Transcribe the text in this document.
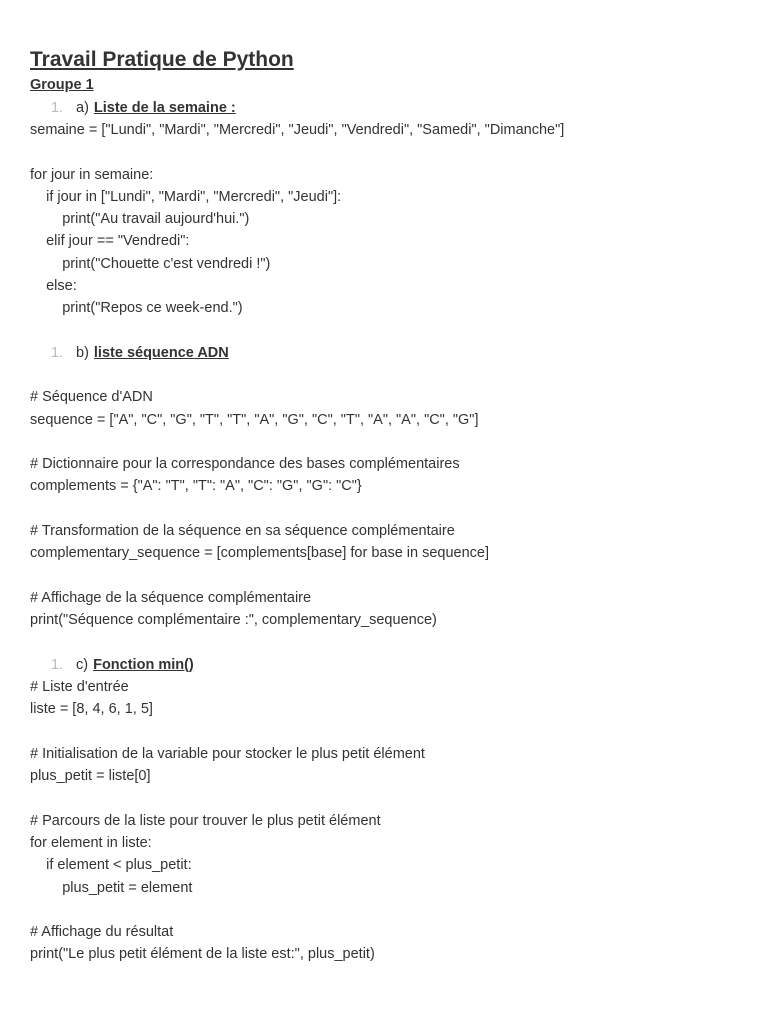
Travail Pratique de Python
Groupe 1
1. a) Liste de la semaine :
semaine = ["Lundi", "Mardi", "Mercredi", "Jeudi", "Vendredi", "Samedi", "Dimanche"]
for jour in semaine:
if jour in ["Lundi", "Mardi", "Mercredi", "Jeudi"]:
print("Au travail aujourd'hui.")
elif jour == "Vendredi":
print("Chouette c'est vendredi !")
else:
print("Repos ce week-end.")
1. b) liste séquence ADN
# Séquence d'ADN
sequence = ["A", "C", "G", "T", "T", "A", "G", "C", "T", "A", "A", "C", "G"]
# Dictionnaire pour la correspondance des bases complémentaires
complements = {"A": "T", "T": "A", "C": "G", "G": "C"}
# Transformation de la séquence en sa séquence complémentaire
complementary_sequence = [complements[base] for base in sequence]
# Affichage de la séquence complémentaire
print("Séquence complémentaire :", complementary_sequence)
1. c) Fonction min()
# Liste d'entrée
liste = [8, 4, 6, 1, 5]
# Initialisation de la variable pour stocker le plus petit élément
plus_petit = liste[0]
# Parcours de la liste pour trouver le plus petit élément
for element in liste:
if element < plus_petit:
plus_petit = element
# Affichage du résultat
print("Le plus petit élément de la liste est:", plus_petit)
